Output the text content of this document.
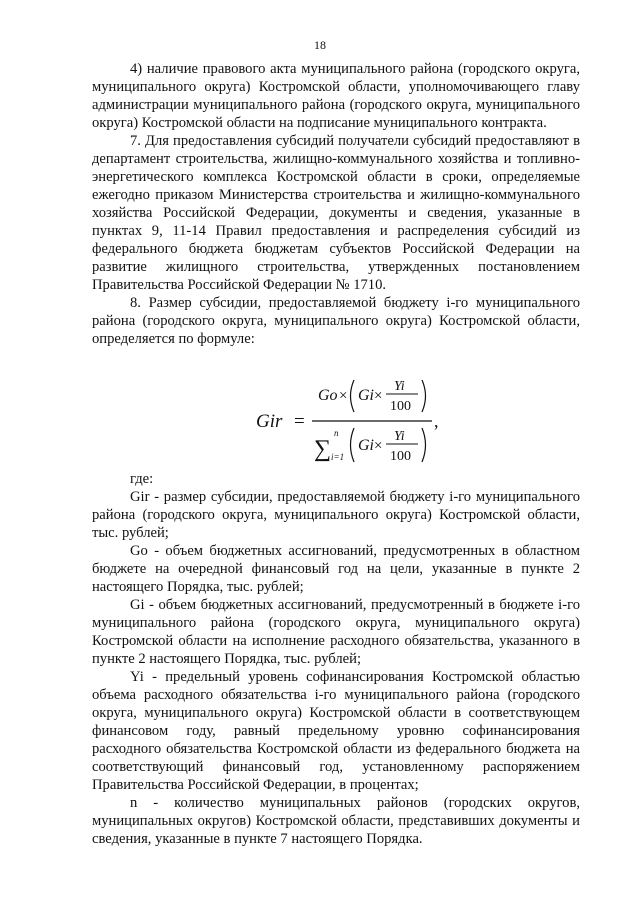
18

4) наличие правового акта муниципального района (городского округа, муниципального округа) Костромской области, уполномочивающего главу администрации муниципального района (городского округа, муниципального округа) Костромской области на подписание муниципального контракта.

7. Для предоставления субсидий получатели субсидий предоставляют в департамент строительства, жилищно-коммунального хозяйства и топливно-энергетического комплекса Костромской области в сроки, определяемые ежегодно приказом Министерства строительства и жилищно-коммунального хозяйства Российской Федерации, документы и сведения, указанные в пунктах 9, 11-14 Правил предоставления и распределения субсидий из федерального бюджета бюджетам субъектов Российской Федерации на развитие жилищного строительства, утвержденных постановлением Правительства Российской Федерации № 1710.

8. Размер субсидии, предоставляемой бюджету i-го муниципального района (городского округа, муниципального округа) Костромской области, определяется по формуле:

Gir =
Go × Gi ×
Yi
100
∑
n
i=1
Gi ×
Yi
100
,

где:

Gir - размер субсидии, предоставляемой бюджету i-го муниципального района (городского округа, муниципального округа) Костромской области, тыс. рублей;

Go - объем бюджетных ассигнований, предусмотренных в областном бюджете на очередной финансовый год на цели, указанные в пункте 2 настоящего Порядка, тыс. рублей;

Gi - объем бюджетных ассигнований, предусмотренный в бюджете i-го муниципального района (городского округа, муниципального округа) Костромской области на исполнение расходного обязательства, указанного в пункте 2 настоящего Порядка, тыс. рублей;

Yi - предельный уровень софинансирования Костромской областью объема расходного обязательства i-го муниципального района (городского округа, муниципального округа) Костромской области в соответствующем финансовом году, равный предельному уровню софинансирования расходного обязательства Костромской области из федерального бюджета на соответствующий финансовый год, установленному распоряжением Правительства Российской Федерации, в процентах;

n - количество муниципальных районов (городских округов, муниципальных округов) Костромской области, представивших документы и сведения, указанные в пункте 7 настоящего Порядка.
